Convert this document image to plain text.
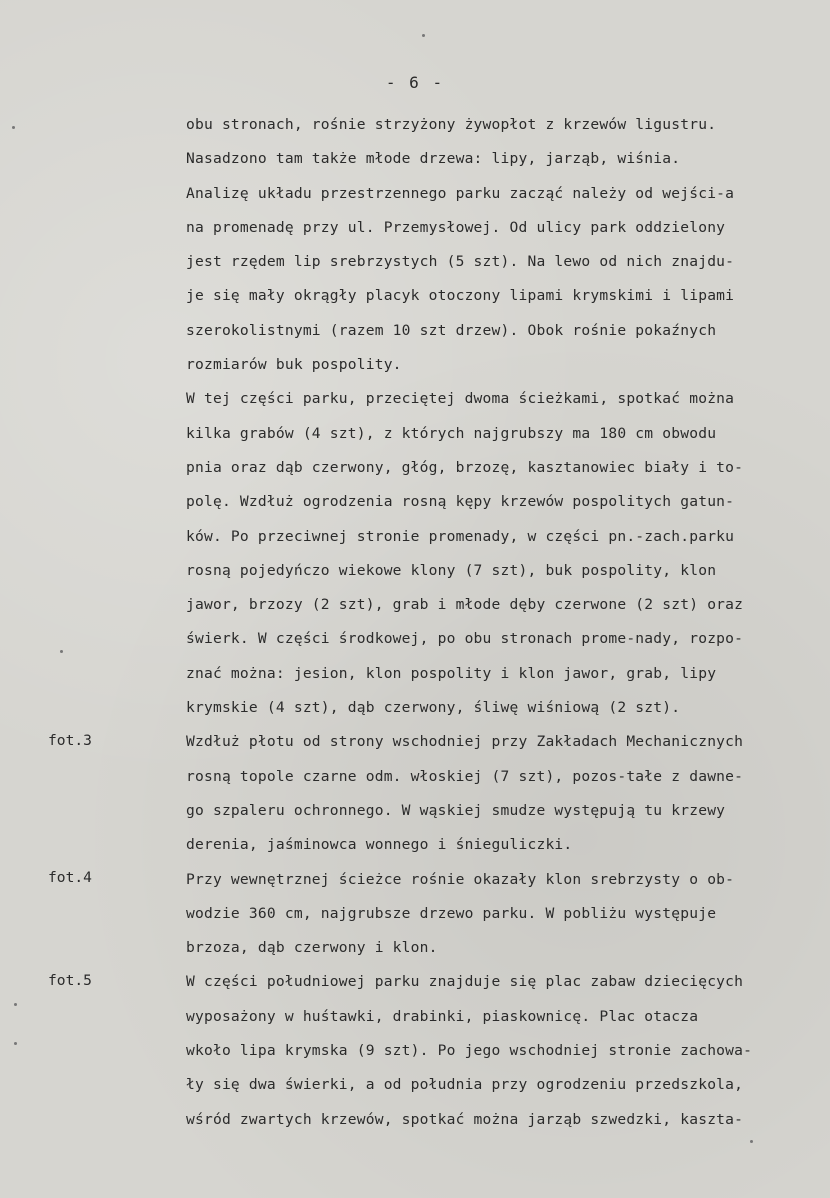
- 6 -
fot.3
fot.4
fot.5
obu stronach, rośnie strzyżony żywopłot z krzewów ligustru.
Nasadzono tam także młode drzewa: lipy, jarząb, wiśnia.
Analizę układu przestrzennego parku zacząć należy od wejści-a
na promenadę przy ul. Przemysłowej. Od ulicy park oddzielony
jest rzędem lip srebrzystych (5 szt). Na lewo od nich znajdu-
je się mały okrągły placyk otoczony lipami krymskimi i lipami
szerokolistnymi (razem 10 szt drzew). Obok rośnie pokaźnych
rozmiarów buk pospolity.
W tej części parku, przeciętej dwoma ścieżkami, spotkać można
kilka grabów (4 szt), z których najgrubszy ma 180 cm obwodu
pnia oraz dąb czerwony, głóg, brzozę, kasztanowiec biały i to-
polę. Wzdłuż ogrodzenia rosną kępy krzewów pospolitych gatun-
ków. Po przeciwnej stronie promenady, w części pn.-zach.parku
rosną pojedyńczo wiekowe klony (7 szt), buk pospolity, klon
jawor, brzozy (2 szt), grab i młode dęby czerwone (2 szt) oraz
świerk. W części środkowej, po obu stronach prome-nady, rozpo-
znać można: jesion, klon pospolity i klon jawor, grab, lipy
krymskie (4 szt), dąb czerwony, śliwę wiśniową (2 szt).
Wzdłuż płotu od strony wschodniej przy Zakładach Mechanicznych
rosną topole czarne odm. włoskiej (7 szt), pozos-tałe z dawne-
go szpaleru ochronnego. W wąskiej smudze występują tu krzewy
derenia, jaśminowca wonnego i śnieguliczki.
Przy wewnętrznej ścieżce rośnie okazały klon srebrzysty o ob-
wodzie 360 cm, najgrubsze drzewo parku. W pobliżu występuje
brzoza, dąb czerwony i klon.
W części południowej parku znajduje się plac zabaw dziecięcych
wyposażony w huśtawki, drabinki, piaskownicę. Plac otacza
wkoło lipa krymska (9 szt). Po jego wschodniej stronie zachowa-
ły się dwa świerki, a od południa przy ogrodzeniu przedszkola,
wśród zwartych krzewów, spotkać można jarząb szwedzki, kaszta-
